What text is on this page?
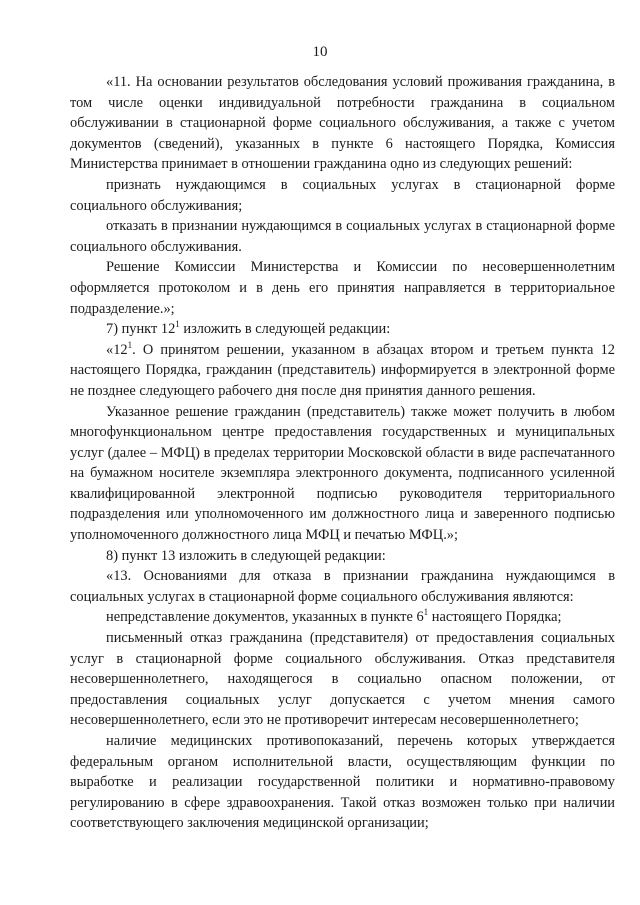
10

«11. На основании результатов обследования условий проживания гражданина, в том числе оценки индивидуальной потребности гражданина в социальном обслуживании в стационарной форме социального обслуживания, а также с учетом документов (сведений), указанных в пункте 6 настоящего Порядка, Комиссия Министерства принимает в отношении гражданина одно из следующих решений:

признать нуждающимся в социальных услугах в стационарной форме социального обслуживания;

отказать в признании нуждающимся в социальных услугах в стационарной форме социального обслуживания.

Решение Комиссии Министерства и Комиссии по несовершеннолетним оформляется протоколом и в день его принятия направляется в территориальное подразделение.»;

7) пункт $12^1$ изложить в следующей редакции:

«$12^1$. О принятом решении, указанном в абзацах втором и третьем пункта 12 настоящего Порядка, гражданин (представитель) информируется в электронной форме не позднее следующего рабочего дня после дня принятия данного решения.

Указанное решение гражданин (представитель) также может получить в любом многофункциональном центре предоставления государственных и муниципальных услуг (далее – МФЦ) в пределах территории Московской области в виде распечатанного на бумажном носителе экземпляра электронного документа, подписанного усиленной квалифицированной электронной подписью руководителя территориального подразделения или уполномоченного им должностного лица и заверенного подписью уполномоченного должностного лица МФЦ и печатью МФЦ.»;

8) пункт 13 изложить в следующей редакции:

«13. Основаниями для отказа в признании гражданина нуждающимся в социальных услугах в стационарной форме социального обслуживания являются:

непредставление документов, указанных в пункте $6^1$ настоящего Порядка;

письменный отказ гражданина (представителя) от предоставления социальных услуг в стационарной форме социального обслуживания. Отказ представителя несовершеннолетнего, находящегося в социально опасном положении, от предоставления социальных услуг допускается с учетом мнения самого несовершеннолетнего, если это не противоречит интересам несовершеннолетнего;

наличие медицинских противопоказаний, перечень которых утверждается федеральным органом исполнительной власти, осуществляющим функции по выработке и реализации государственной политики и нормативно-правовому регулированию в сфере здравоохранения. Такой отказ возможен только при наличии соответствующего заключения медицинской организации;
